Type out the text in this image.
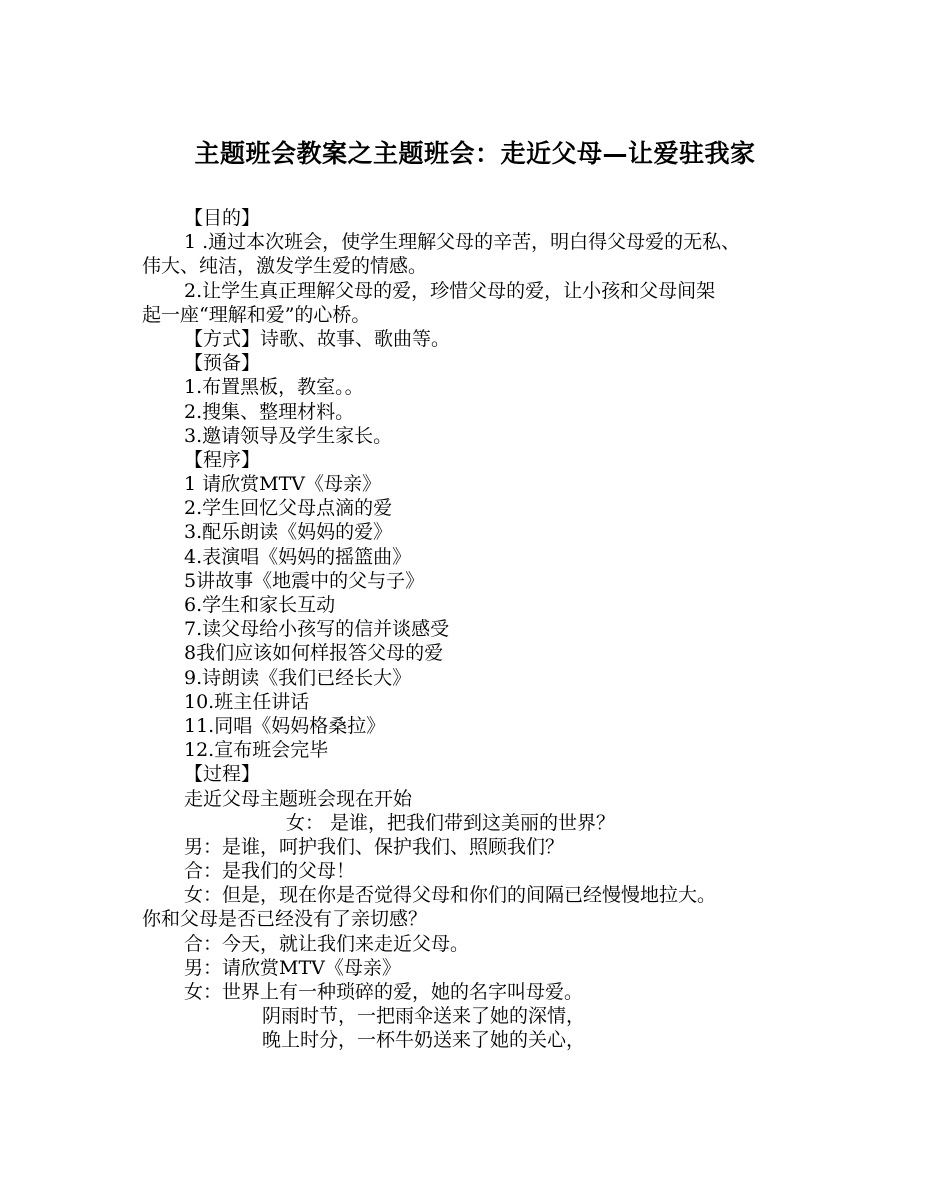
主题班会教案之主题班会：走近父母—让爱驻我家
【目的】
1 .通过本次班会，使学生理解父母的辛苦，明白得父母爱的无私、
伟大、纯洁，激发学生爱的情感。
2.让学生真正理解父母的爱，珍惜父母的爱，让小孩和父母间架
起一座“理解和爱”的心桥。
【方式】诗歌、故事、歌曲等。
【预备】
1.布置黑板，教室。。
2.搜集、整理材料。
3.邀请领导及学生家长。
【程序】
1 请欣赏MTV《母亲》
2.学生回忆父母点滴的爱
3.配乐朗读《妈妈的爱》
4.表演唱《妈妈的摇篮曲》
5讲故事《地震中的父与子》
6.学生和家长互动
7.读父母给小孩写的信并谈感受
8我们应该如何样报答父母的爱
9.诗朗读《我们已经长大》
10.班主任讲话
11.同唱《妈妈格桑拉》
12.宣布班会完毕
【过程】
走近父母主题班会现在开始
女： 是谁，把我们带到这美丽的世界？
男：是谁，呵护我们、保护我们、照顾我们？
合：是我们的父母！
女：但是，现在你是否觉得父母和你们的间隔已经慢慢地拉大。
你和父母是否已经没有了亲切感？
合：今天，就让我们来走近父母。
男：请欣赏MTV《母亲》
女：世界上有一种琐碎的爱，她的名字叫母爱。
阴雨时节，一把雨伞送来了她的深情，
晚上时分，一杯牛奶送来了她的关心，
